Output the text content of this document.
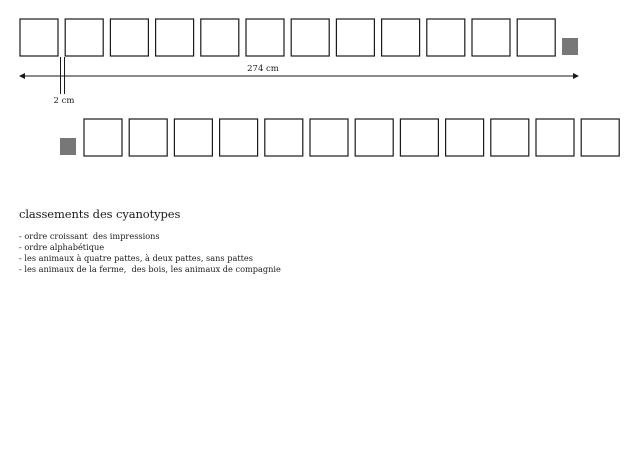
274 cm
2 cm
classements des cyanotypes
- ordre croissant  des impressions
- ordre alphabétique
- les animaux à quatre pattes, à deux pattes, sans pattes
- les animaux de la ferme,  des bois, les animaux de compagnie
